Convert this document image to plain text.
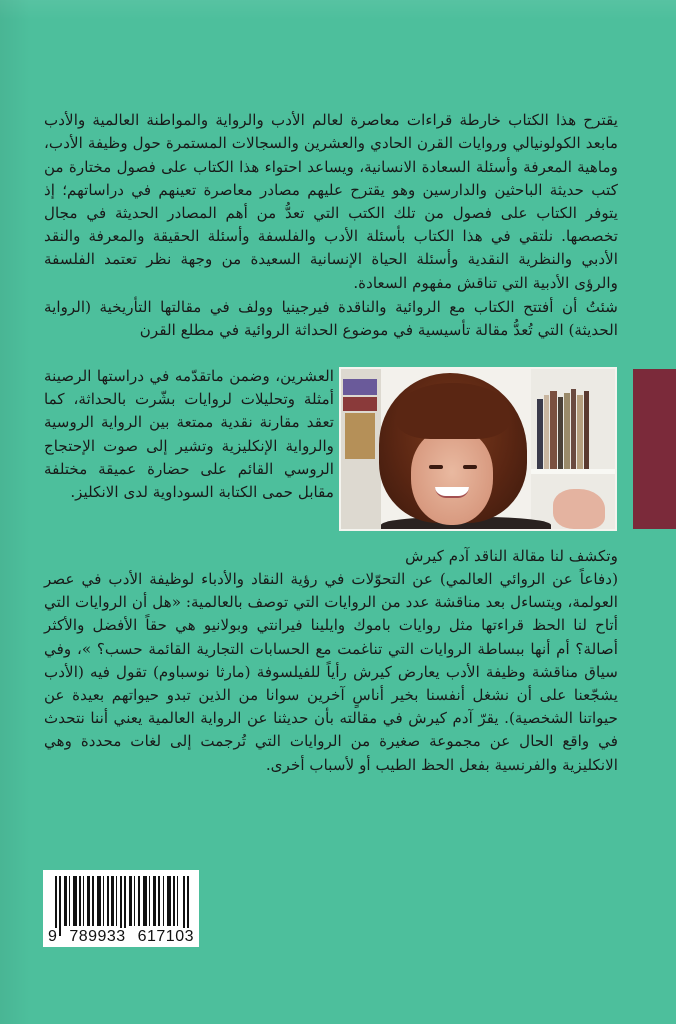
يقترح هذا الكتاب خارطة قراءات معاصرة لعالم الأدب والرواية والمواطنة العالمية والأدب مابعد الكولونيالي وروايات القرن الحادي والعشرين والسجالات المستمرة حول وظيفة الأدب، وماهية المعرفة وأسئلة السعادة الانسانية، ويساعد احتواء هذا الكتاب على فصول مختارة من كتب حديثة الباحثين والدارسين وهو يقترح عليهم مصادر معاصرة تعينهم في دراساتهم؛ إذ يتوفر الكتاب على فصول من تلك الكتب التي تعدُّ من أهم المصادر الحديثة في مجال تخصصها. نلتقي في هذا الكتاب بأسئلة الأدب والفلسفة وأسئلة الحقيقة والمعرفة والنقد الأدبي والنظرية النقدية وأسئلة الحياة الإنسانية السعيدة من وجهة نظر تعتمد الفلسفة والرؤى الأدبية التي تناقش مفهوم السعادة.

شئتُ أن أفتتح الكتاب مع الروائية والناقدة فيرجينيا وولف في مقالتها التأريخية (الرواية الحديثة) التي تُعدُّ مقالة تأسيسية في موضوع الحداثة الروائية في مطلع القرن

العشرين، وضمن ماتقدّمه في دراستها الرصينة أمثلة وتحليلات لروايات بشّرت بالحداثة، كما تعقد مقارنة نقدية ممتعة بين الرواية الروسية والرواية الإنكليزية وتشير إلى صوت الإحتجاج الروسي القائم على حضارة عميقة مختلفة مقابل حمى الكتابة السوداوية لدى الانكليز.

وتكشف لنا مقالة الناقد آدم كيرش

(دفاعاً عن الروائي العالمي) عن التحوّلات في رؤية النقاد والأدباء لوظيفة الأدب في عصر العولمة، ويتساءل بعد مناقشة عدد من الروايات التي توصف بالعالمية: «هل أن الروايات التي أتاح لنا الحظ قراءتها مثل روايات باموك وايلينا فيرانتي وبولانيو هي حقاً الأفضل والأكثر أصالة؟ أم أنها ببساطة الروايات التي تناغمت مع الحسابات التجارية القائمة حسب؟ »، وفي سياق مناقشة وظيفة الأدب يعارض كيرش رأياً للفيلسوفة (مارثا نوسباوم) تقول فيه (الأدب يشجّعنا على أن نشغل أنفسنا بخير أناسٍ آخرين سوانا من الذين تبدو حيواتهم بعيدة عن حيواتنا الشخصية). يقرّ آدم كيرش في مقالته بأن حديثنا عن الرواية العالمية يعني أننا نتحدث في واقع الحال عن مجموعة صغيرة من الروايات التي تُرجمت إلى لغات محددة وهي الانكليزية والفرنسية بفعل الحظ الطيب أو لأسباب أخرى.

9 789933 617103
